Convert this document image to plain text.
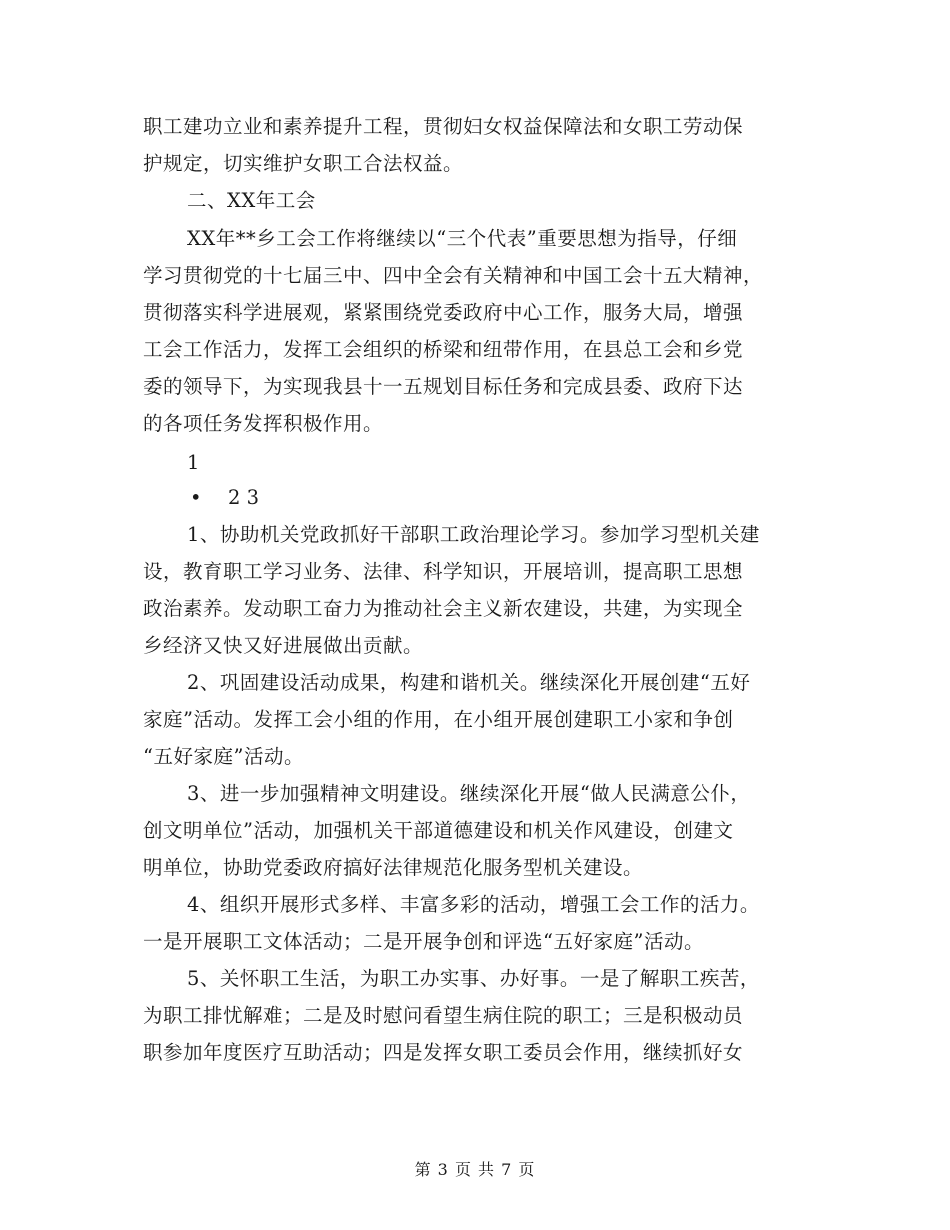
职工建功立业和素养提升工程，贯彻妇女权益保障法和女职工劳动保
护规定，切实维护女职工合法权益。
二、XX年工会
XX年**乡工会工作将继续以“三个代表”重要思想为指导，仔细
学习贯彻党的十七届三中、四中全会有关精神和中国工会十五大精神，
贯彻落实科学进展观，紧紧围绕党委政府中心工作，服务大局，增强
工会工作活力，发挥工会组织的桥梁和纽带作用，在县总工会和乡党
委的领导下，为实现我县十一五规划目标任务和完成县委、政府下达
的各项任务发挥积极作用。
1
• 2 3
1、协助机关党政抓好干部职工政治理论学习。参加学习型机关建
设，教育职工学习业务、法律、科学知识，开展培训，提高职工思想
政治素养。发动职工奋力为推动社会主义新农建设，共建，为实现全
乡经济又快又好进展做出贡献。
2、巩固建设活动成果，构建和谐机关。继续深化开展创建“五好
家庭”活动。发挥工会小组的作用，在小组开展创建职工小家和争创
“五好家庭”活动。
3、进一步加强精神文明建设。继续深化开展“做人民满意公仆，
创文明单位”活动，加强机关干部道德建设和机关作风建设，创建文
明单位，协助党委政府搞好法律规范化服务型机关建设。
4、组织开展形式多样、丰富多彩的活动，增强工会工作的活力。
一是开展职工文体活动；二是开展争创和评选“五好家庭”活动。
5、关怀职工生活，为职工办实事、办好事。一是了解职工疾苦，
为职工排忧解难；二是及时慰问看望生病住院的职工；三是积极动员
职参加年度医疗互助活动；四是发挥女职工委员会作用，继续抓好女
第 3 页 共 7 页
